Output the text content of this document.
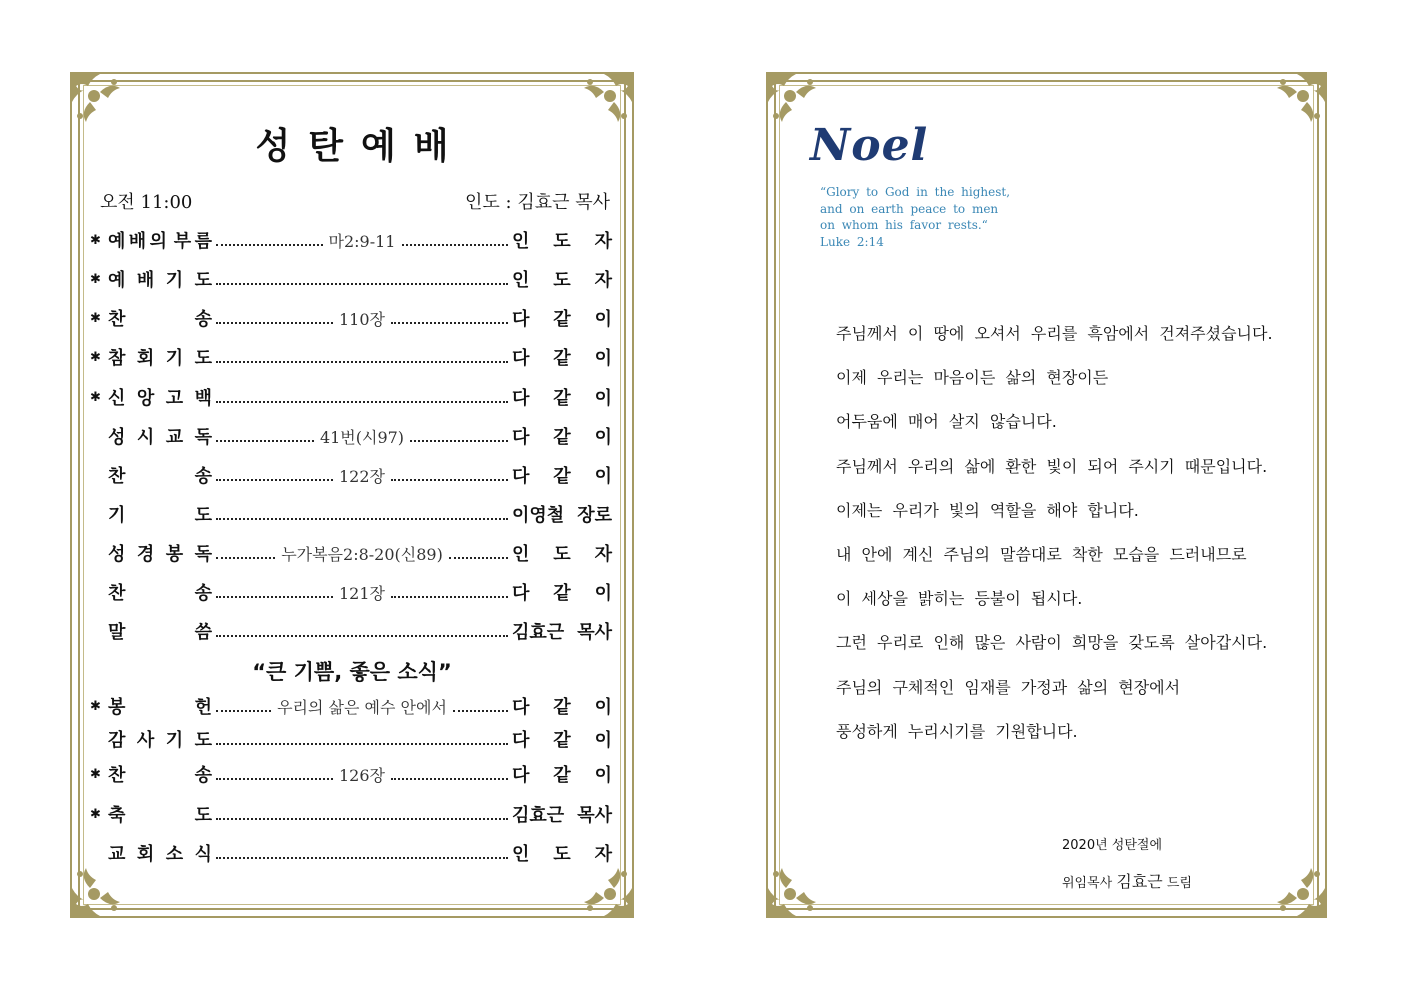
성탄예배
오전 11:00	인도 : 김효근 목사
✱ 예 배 의 부 름	마2:9-11	인 도 자
✱ 예 배 기 도	인 도 자
✱ 찬	송	110장	다 같 이
✱ 참 회 기 도	다 같 이
✱ 신 앙 고 백	다 같 이
성 시 교 독	41번(시97)	다 같 이
찬	송	122장	다 같 이
기	도	이영철 장로
성 경 봉 독	누가복음2:8-20(신89)	인 도 자
찬	송	121장	다 같 이
말	씀	김효근 목사
✱ 봉	헌	우리의 삶은 예수 안에서	다 같 이
감 사 기 도	다 같 이
✱ 찬	송	126장	다 같 이
✱ 축	도	김효근 목사
교 회 소 식	인 도 자
“큰 기쁨, 좋은 소식”
Noel
“Glory to God in the highest,
and on earth peace to men
on whom his favor rests.“
Luke 2:14
주님께서 이 땅에 오셔서 우리를 흑암에서 건져주셨습니다.
이제 우리는 마음이든 삶의 현장이든
어두움에 매어 살지 않습니다.
주님께서 우리의 삶에 환한 빛이 되어 주시기 때문입니다.
이제는 우리가 빛의 역할을 해야 합니다.
내 안에 계신 주님의 말씀대로 착한 모습을 드러내므로
이 세상을 밝히는 등불이 됩시다.
그런 우리로 인해 많은 사람이 희망을 갖도록 살아갑시다.
주님의 구체적인 임재를 가정과 삶의 현장에서
풍성하게 누리시기를 기원합니다.
2020년 성탄절에
위임목사 김효근 드림
